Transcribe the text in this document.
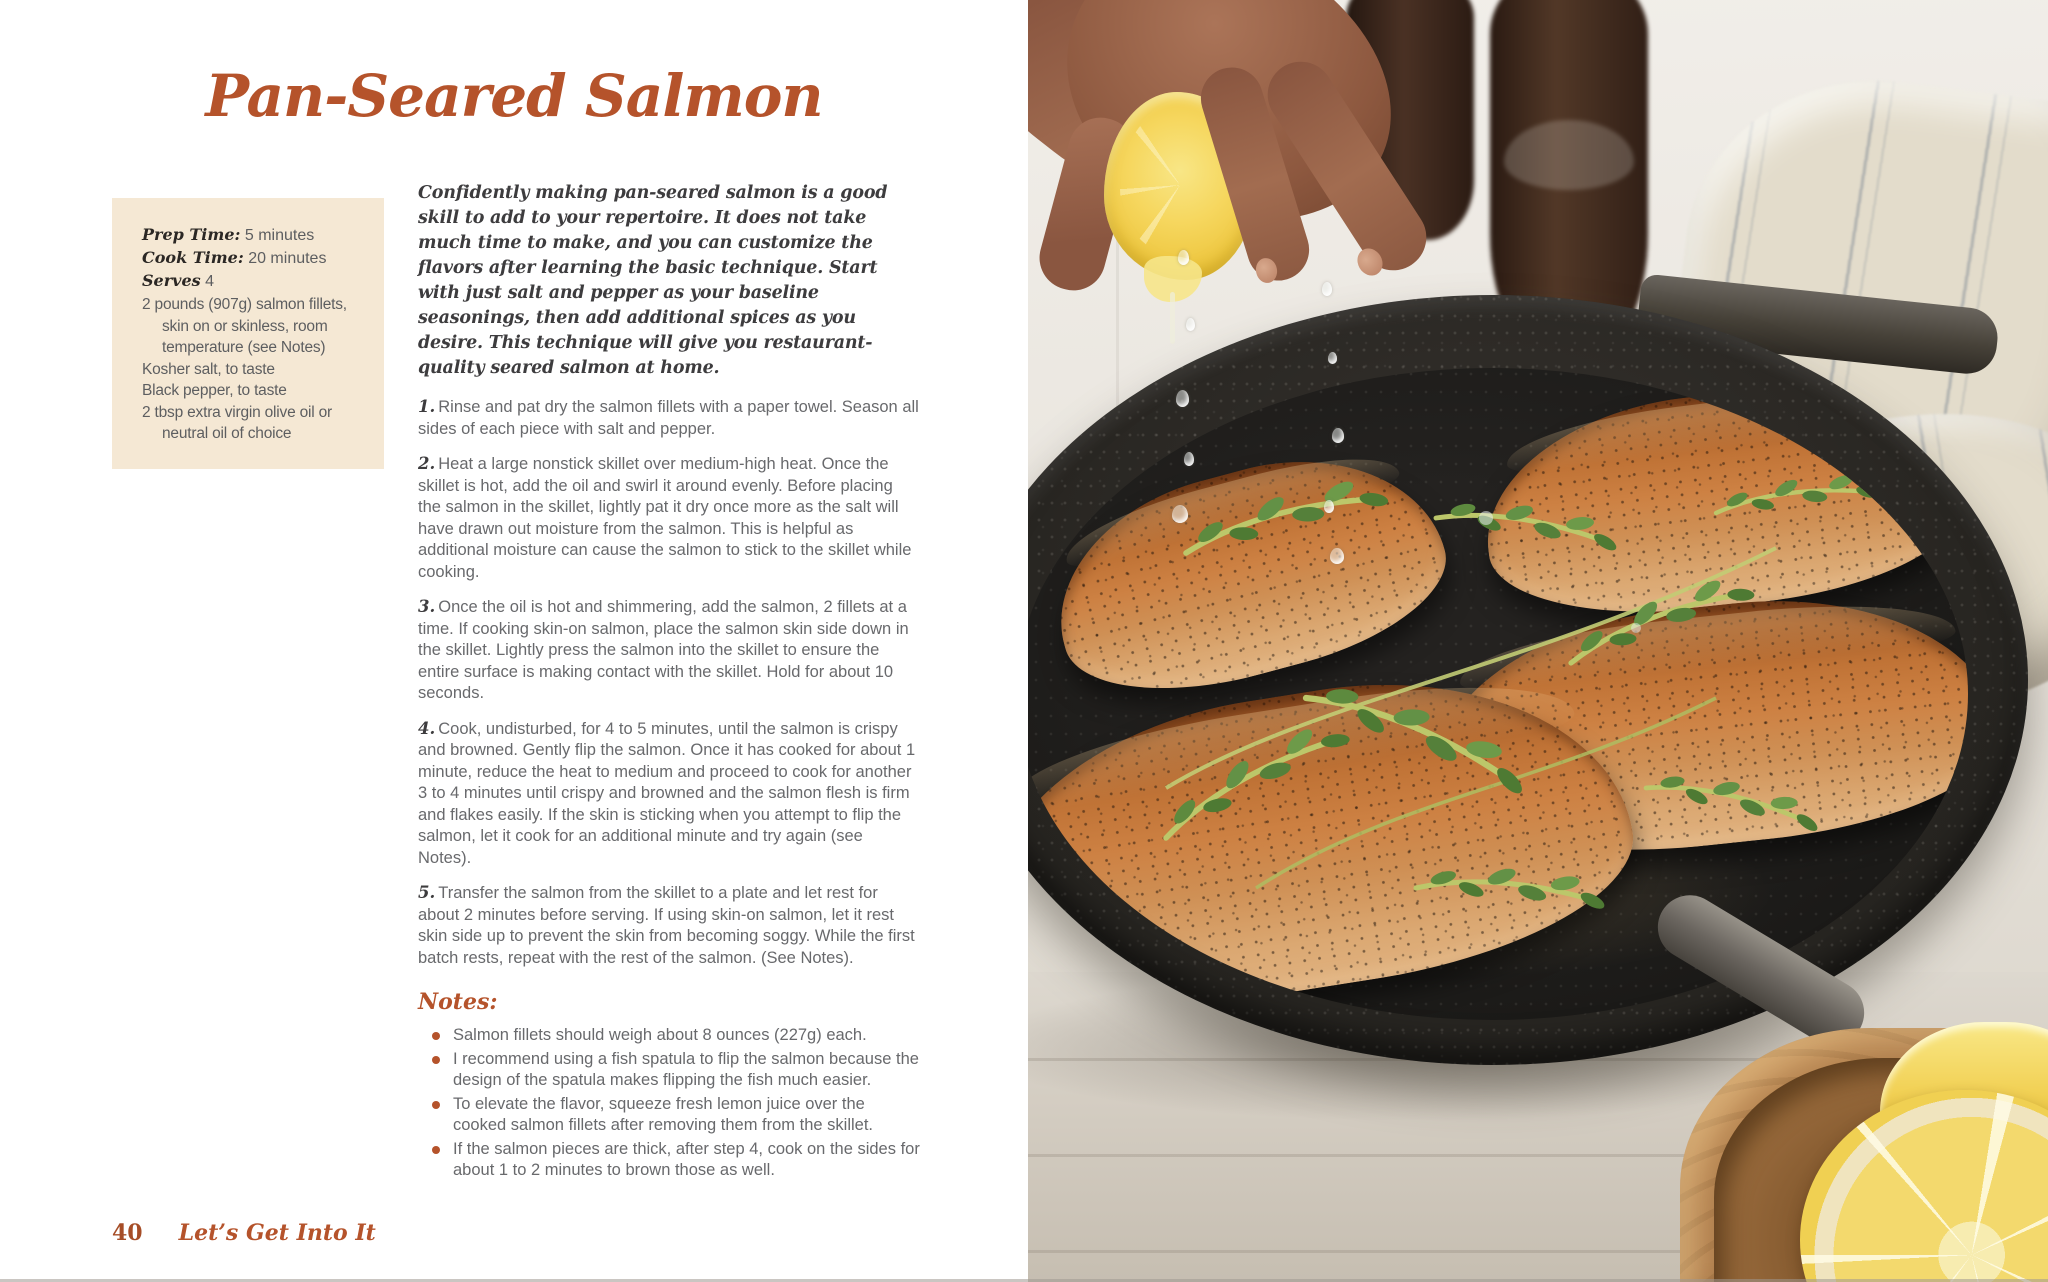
Pan-Seared Salmon
Prep Time: 5 minutes
Cook Time: 20 minutes
Serves 4
2 pounds (907g) salmon fillets, skin on or skinless, room temperature (see Notes)
Kosher salt, to taste
Black pepper, to taste
2 tbsp extra virgin olive oil or neutral oil of choice

Confidently making pan-seared salmon is a good skill to add to your repertoire. It does not take much time to make, and you can customize the flavors after learning the basic technique. Start with just salt and pepper as your baseline seasonings, then add additional spices as you desire. This technique will give you restaurant-quality seared salmon at home.

1. Rinse and pat dry the salmon fillets with a paper towel. Season all sides of each piece with salt and pepper.

2. Heat a large nonstick skillet over medium-high heat. Once the skillet is hot, add the oil and swirl it around evenly. Before placing the salmon in the skillet, lightly pat it dry once more as the salt will have drawn out moisture from the salmon. This is helpful as additional moisture can cause the salmon to stick to the skillet while cooking.

3. Once the oil is hot and shimmering, add the salmon, 2 fillets at a time. If cooking skin-on salmon, place the salmon skin side down in the skillet. Lightly press the salmon into the skillet to ensure the entire surface is making contact with the skillet. Hold for about 10 seconds.

4. Cook, undisturbed, for 4 to 5 minutes, until the salmon is crispy and browned. Gently flip the salmon. Once it has cooked for about 1 minute, reduce the heat to medium and proceed to cook for another 3 to 4 minutes until crispy and browned and the salmon flesh is firm and flakes easily. If the skin is sticking when you attempt to flip the salmon, let it cook for an additional minute and try again (see Notes).

5. Transfer the salmon from the skillet to a plate and let rest for about 2 minutes before serving. If using skin-on salmon, let it rest skin side up to prevent the skin from becoming soggy. While the first batch rests, repeat with the rest of the salmon. (See Notes).

Notes:
Salmon fillets should weigh about 8 ounces (227g) each.
I recommend using a fish spatula to flip the salmon because the design of the spatula makes flipping the fish much easier.
To elevate the flavor, squeeze fresh lemon juice over the cooked salmon fillets after removing them from the skillet.
If the salmon pieces are thick, after step 4, cook on the sides for about 1 to 2 minutes to brown those as well.
40 Let’s Get Into It
